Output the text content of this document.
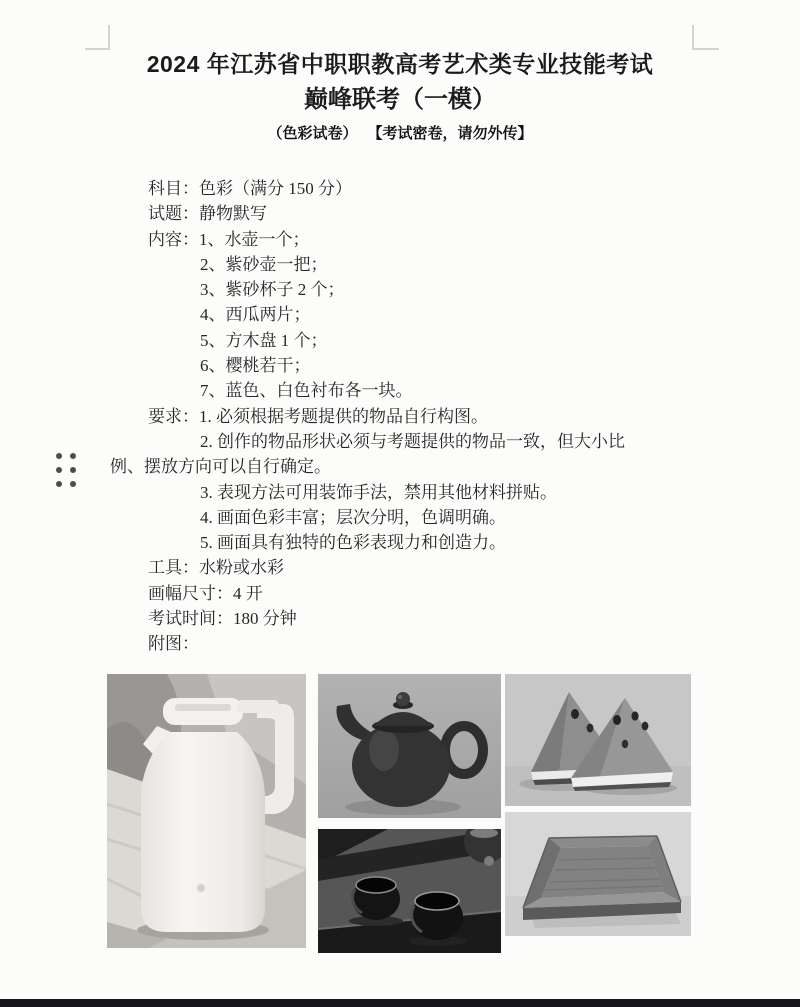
2024 年江苏省中职职教高考艺术类专业技能考试
巅峰联考（一模）
（色彩试卷） 【考试密卷，请勿外传】
科目：色彩（满分 150 分）
试题：静物默写
内容：1、水壶一个；
2、紫砂壶一把；
3、紫砂杯子 2 个；
4、西瓜两片；
5、方木盘 1 个；
6、樱桃若干；
7、蓝色、白色衬布各一块。
要求：1. 必须根据考题提供的物品自行构图。
2. 创作的物品形状必须与考题提供的物品一致，但大小比
例、摆放方向可以自行确定。
3. 表现方法可用装饰手法，禁用其他材料拼贴。
4. 画面色彩丰富；层次分明，色调明确。
5. 画面具有独特的色彩表现力和创造力。
工具：水粉或水彩
画幅尺寸：4 开
考试时间：180 分钟
附图：
